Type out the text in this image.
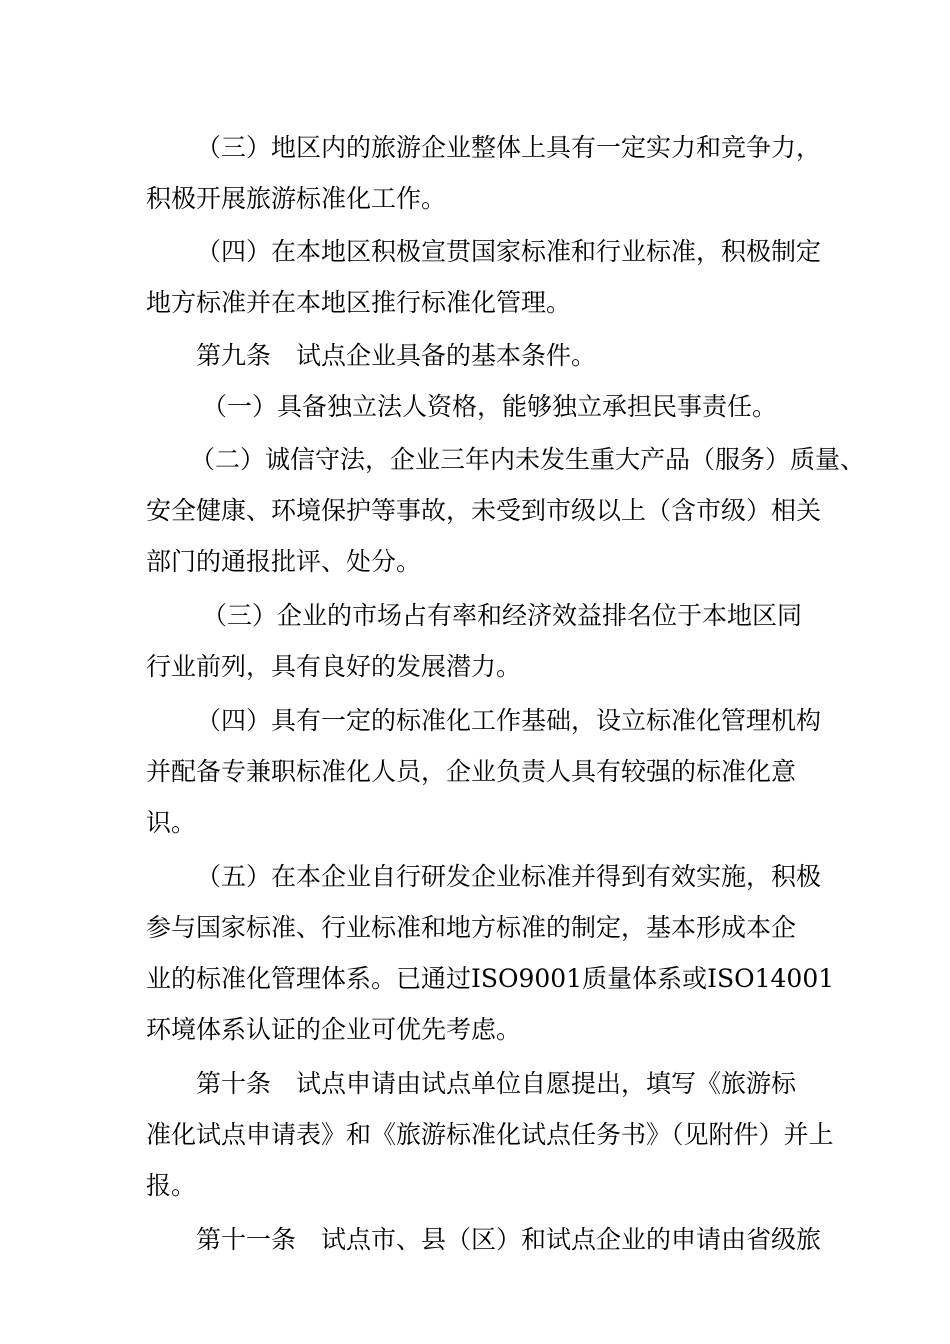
（三）地区内的旅游企业整体上具有一定实力和竞争力，
积极开展旅游标准化工作。
（四）在本地区积极宣贯国家标准和行业标准，积极制定
地方标准并在本地区推行标准化管理。
第九条　试点企业具备的基本条件。
（一）具备独立法人资格，能够独立承担民事责任。
（二）诚信守法，企业三年内未发生重大产品（服务）质量、
安全健康、环境保护等事故，未受到市级以上（含市级）相关
部门的通报批评、处分。
（三）企业的市场占有率和经济效益排名位于本地区同
行业前列，具有良好的发展潜力。
（四）具有一定的标准化工作基础，设立标准化管理机构
并配备专兼职标准化人员，企业负责人具有较强的标准化意
识。
（五）在本企业自行研发企业标准并得到有效实施，积极
参与国家标准、行业标准和地方标准的制定，基本形成本企
业的标准化管理体系。已通过ISO9001质量体系或ISO14001
环境体系认证的企业可优先考虑。
第十条　试点申请由试点单位自愿提出，填写《旅游标
准化试点申请表》和《旅游标准化试点任务书》（见附件）并上
报。
第十一条　试点市、县（区）和试点企业的申请由省级旅
